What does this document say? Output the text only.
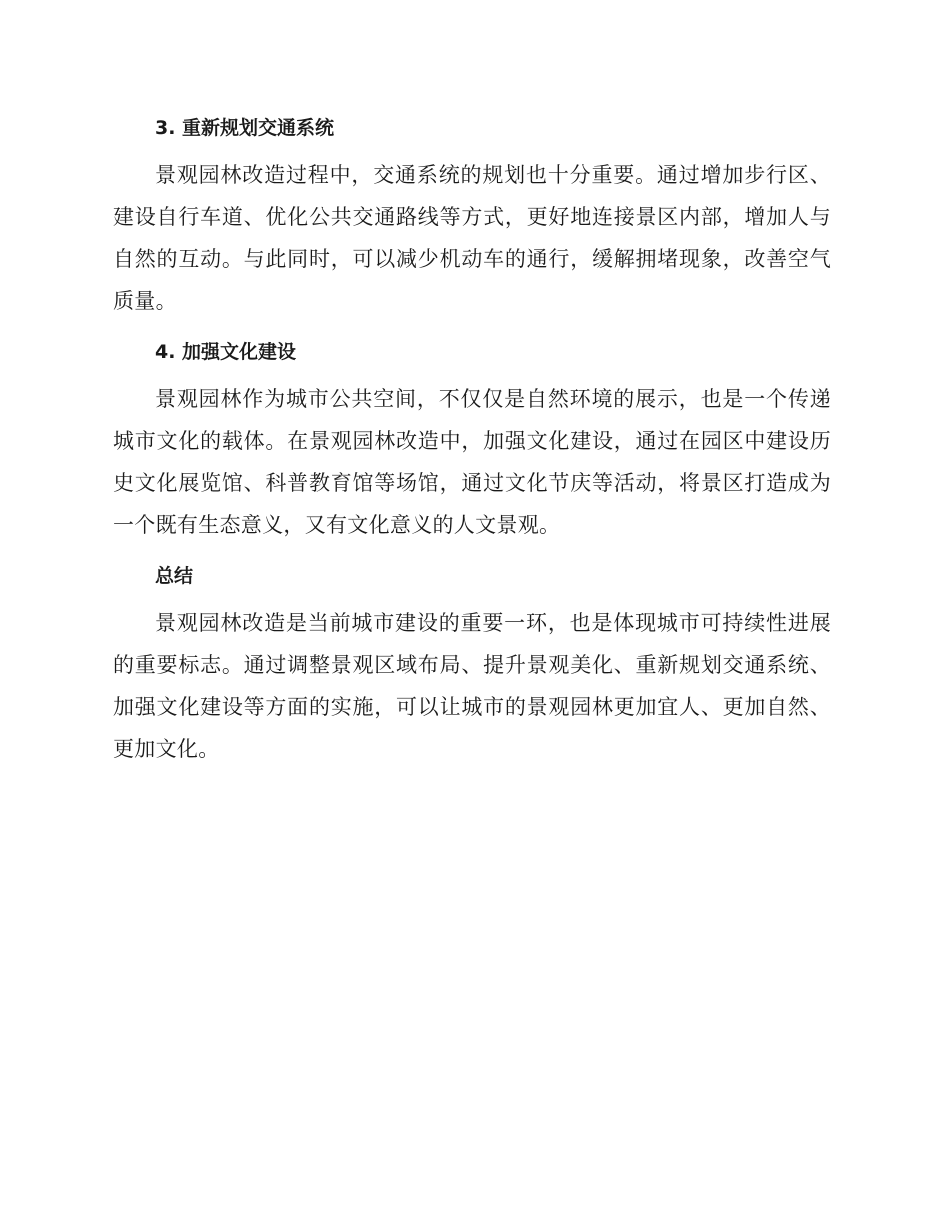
3. 重新规划交通系统

景观园林改造过程中，交通系统的规划也十分重要。通过增加步行区、建设自行车道、优化公共交通路线等方式，更好地连接景区内部，增加人与自然的互动。与此同时，可以减少机动车的通行，缓解拥堵现象，改善空气质量。

4. 加强文化建设

景观园林作为城市公共空间，不仅仅是自然环境的展示，也是一个传递城市文化的载体。在景观园林改造中，加强文化建设，通过在园区中建设历史文化展览馆、科普教育馆等场馆，通过文化节庆等活动，将景区打造成为一个既有生态意义，又有文化意义的人文景观。

总结

景观园林改造是当前城市建设的重要一环，也是体现城市可持续性进展的重要标志。通过调整景观区域布局、提升景观美化、重新规划交通系统、加强文化建设等方面的实施，可以让城市的景观园林更加宜人、更加自然、更加文化。
